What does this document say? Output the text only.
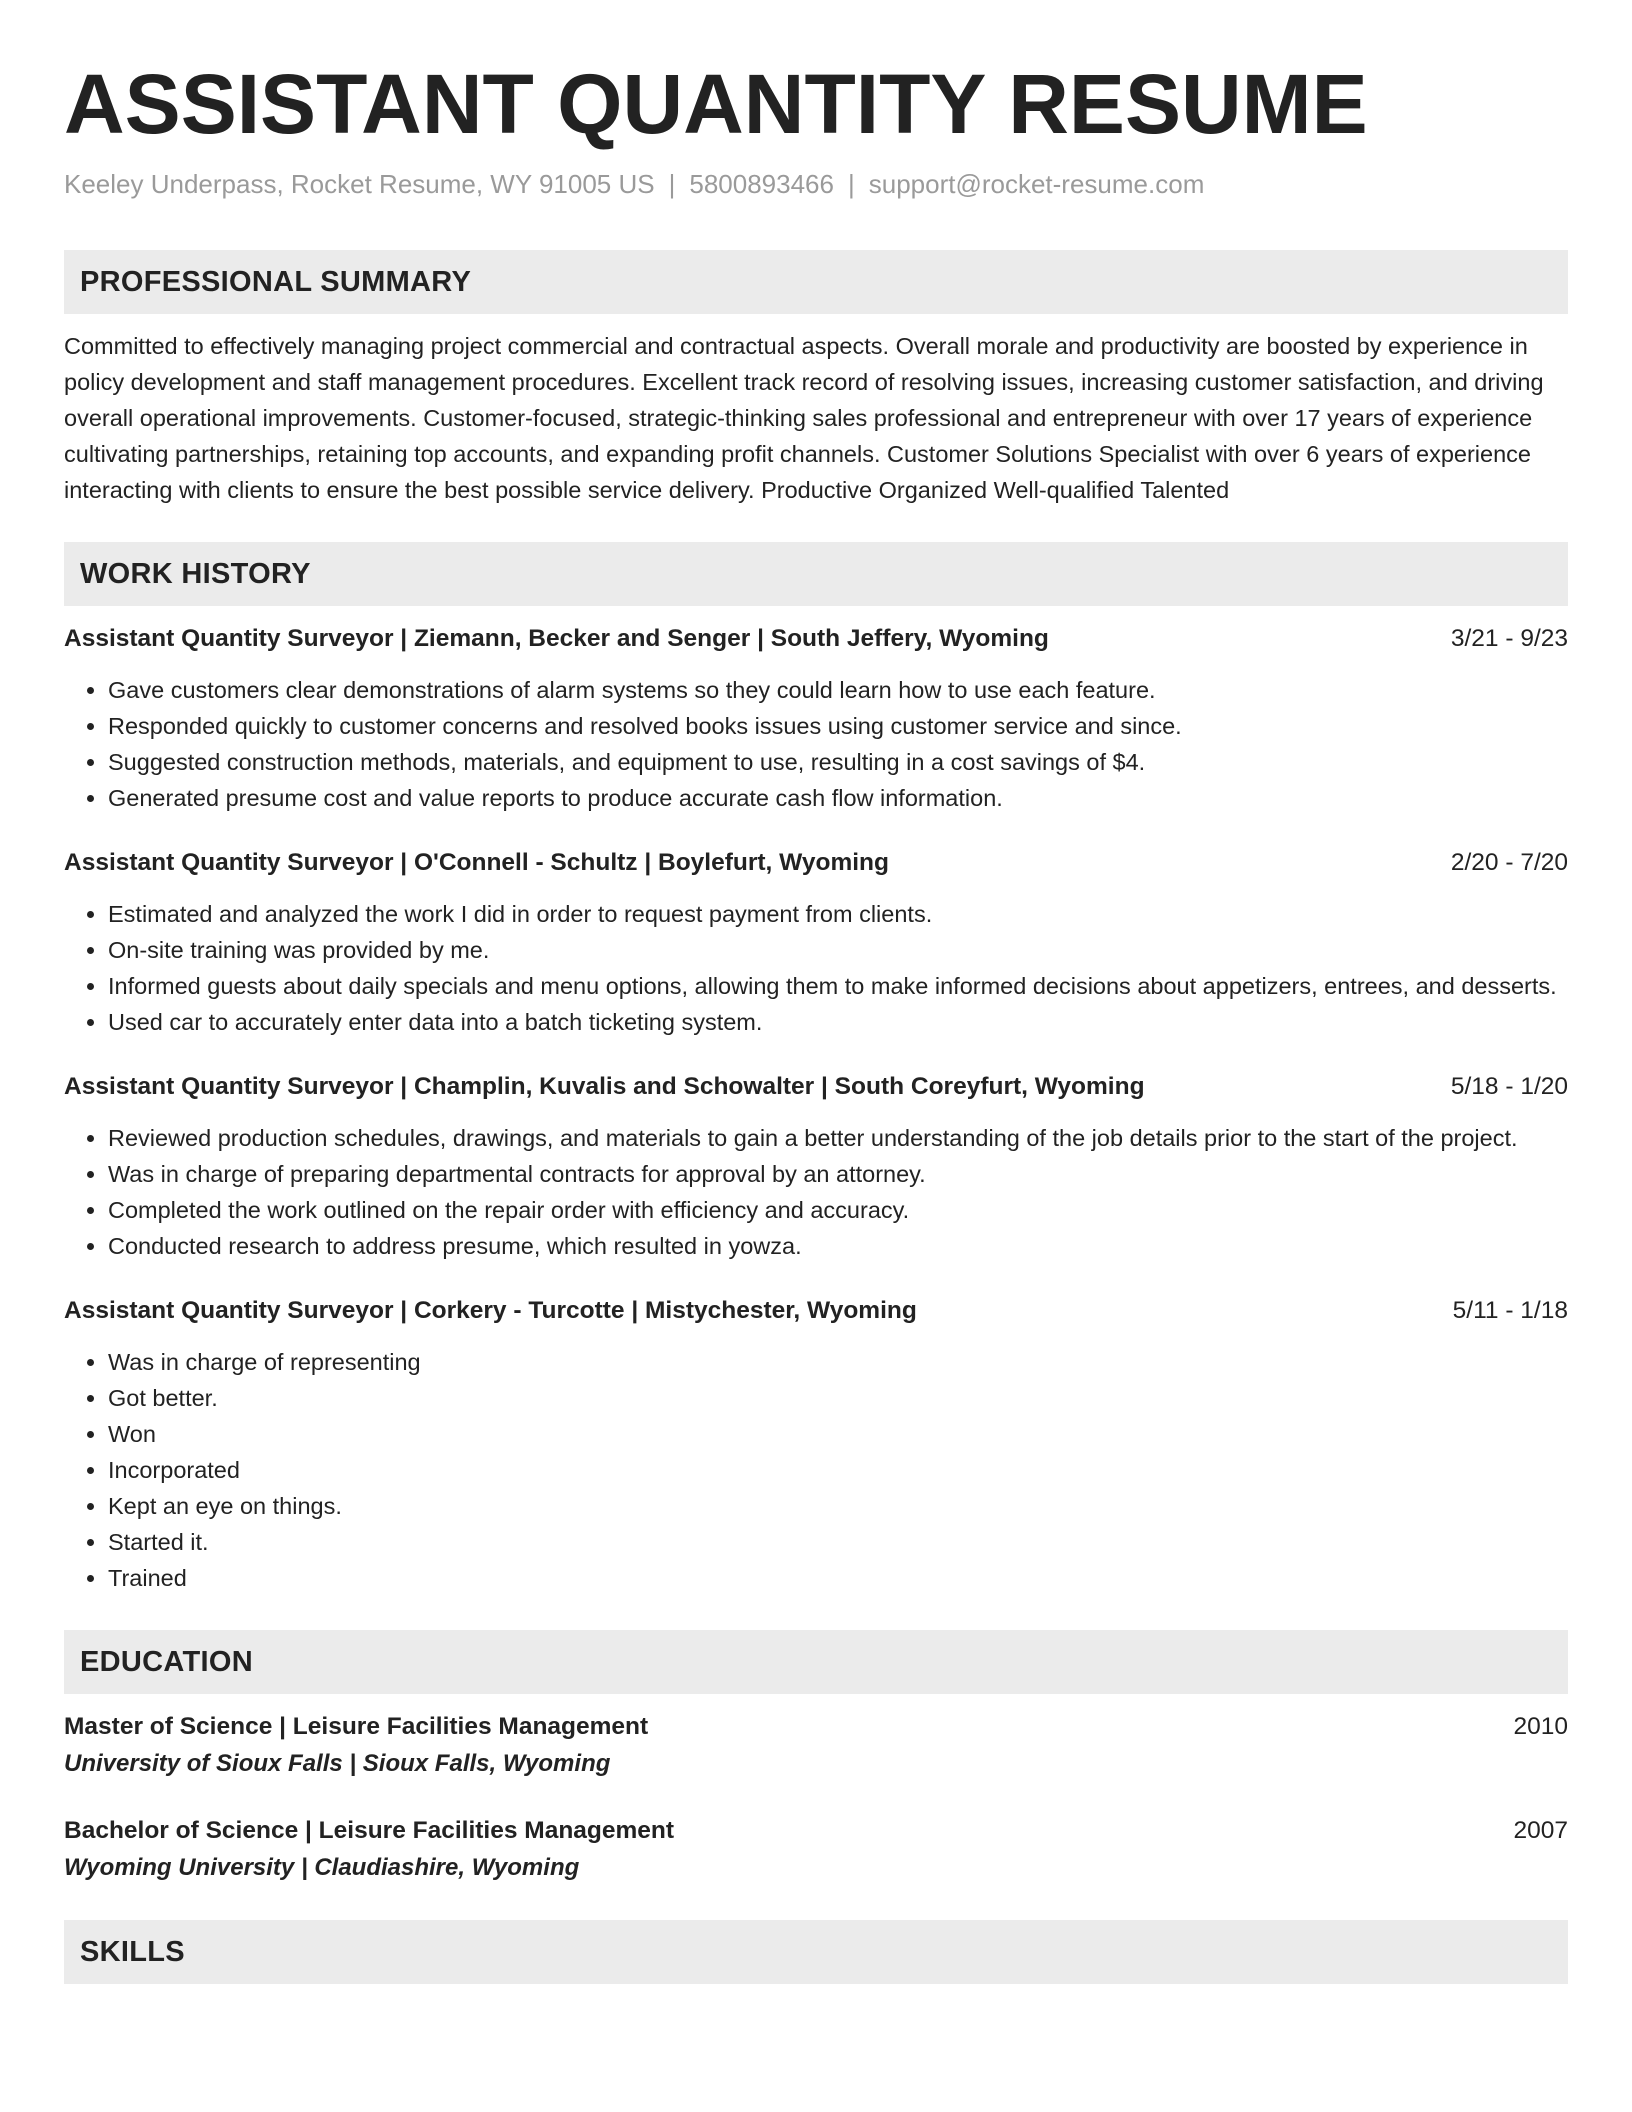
ASSISTANT QUANTITY RESUME
Keeley Underpass, Rocket Resume, WY 91005 US | 5800893466 | support@rocket-resume.com
PROFESSIONAL SUMMARY
Committed to effectively managing project commercial and contractual aspects. Overall morale and productivity are boosted by experience in policy development and staff management procedures. Excellent track record of resolving issues, increasing customer satisfaction, and driving overall operational improvements. Customer-focused, strategic-thinking sales professional and entrepreneur with over 17 years of experience cultivating partnerships, retaining top accounts, and expanding profit channels. Customer Solutions Specialist with over 6 years of experience interacting with clients to ensure the best possible service delivery. Productive Organized Well-qualified Talented
WORK HISTORY
Assistant Quantity Surveyor | Ziemann, Becker and Senger | South Jeffery, Wyoming	3/21 - 9/23
• Gave customers clear demonstrations of alarm systems so they could learn how to use each feature.
• Responded quickly to customer concerns and resolved books issues using customer service and since.
• Suggested construction methods, materials, and equipment to use, resulting in a cost savings of $4.
• Generated presume cost and value reports to produce accurate cash flow information.
Assistant Quantity Surveyor | O'Connell - Schultz | Boylefurt, Wyoming	2/20 - 7/20
• Estimated and analyzed the work I did in order to request payment from clients.
• On-site training was provided by me.
• Informed guests about daily specials and menu options, allowing them to make informed decisions about appetizers, entrees, and desserts.
• Used car to accurately enter data into a batch ticketing system.
Assistant Quantity Surveyor | Champlin, Kuvalis and Schowalter | South Coreyfurt, Wyoming	5/18 - 1/20
• Reviewed production schedules, drawings, and materials to gain a better understanding of the job details prior to the start of the project.
• Was in charge of preparing departmental contracts for approval by an attorney.
• Completed the work outlined on the repair order with efficiency and accuracy.
• Conducted research to address presume, which resulted in yowza.
Assistant Quantity Surveyor | Corkery - Turcotte | Mistychester, Wyoming	5/11 - 1/18
• Was in charge of representing
• Got better.
• Won
• Incorporated
• Kept an eye on things.
• Started it.
• Trained
EDUCATION
Master of Science | Leisure Facilities Management	2010
University of Sioux Falls | Sioux Falls, Wyoming
Bachelor of Science | Leisure Facilities Management	2007
Wyoming University | Claudiashire, Wyoming
SKILLS
